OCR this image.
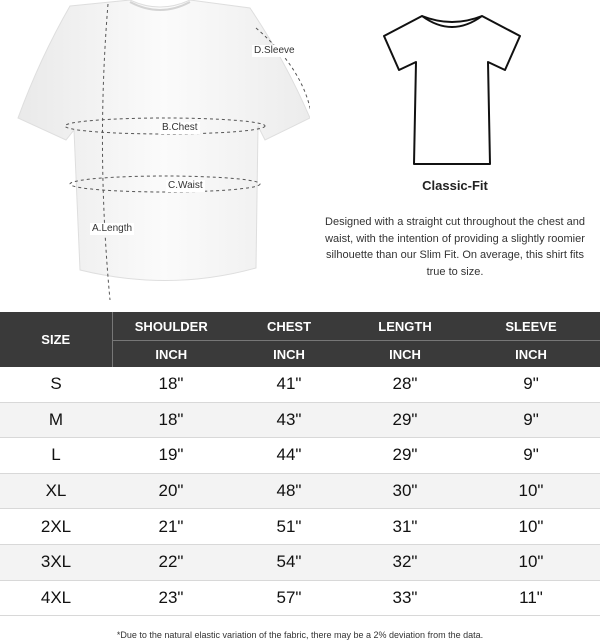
D.Sleeve
B.Chest
C.Waist
A.Length
Classic-Fit
Designed with a straight cut throughout the chest and waist, with the intention of providing a slightly roomier silhouette than our Slim Fit. On average, this shirt fits true to size.
SIZE	SHOULDER	CHEST	LENGTH	SLEEVE
	INCH	INCH	INCH	INCH
S	18"	41"	28"	9"
M	18"	43"	29"	9"
L	19"	44"	29"	9"
XL	20"	48"	30"	10"
2XL	21"	51"	31"	10"
3XL	22"	54"	32"	10"
4XL	23"	57"	33"	11"
*Due to the natural elastic variation of the fabric, there may be a 2% deviation from the data.
